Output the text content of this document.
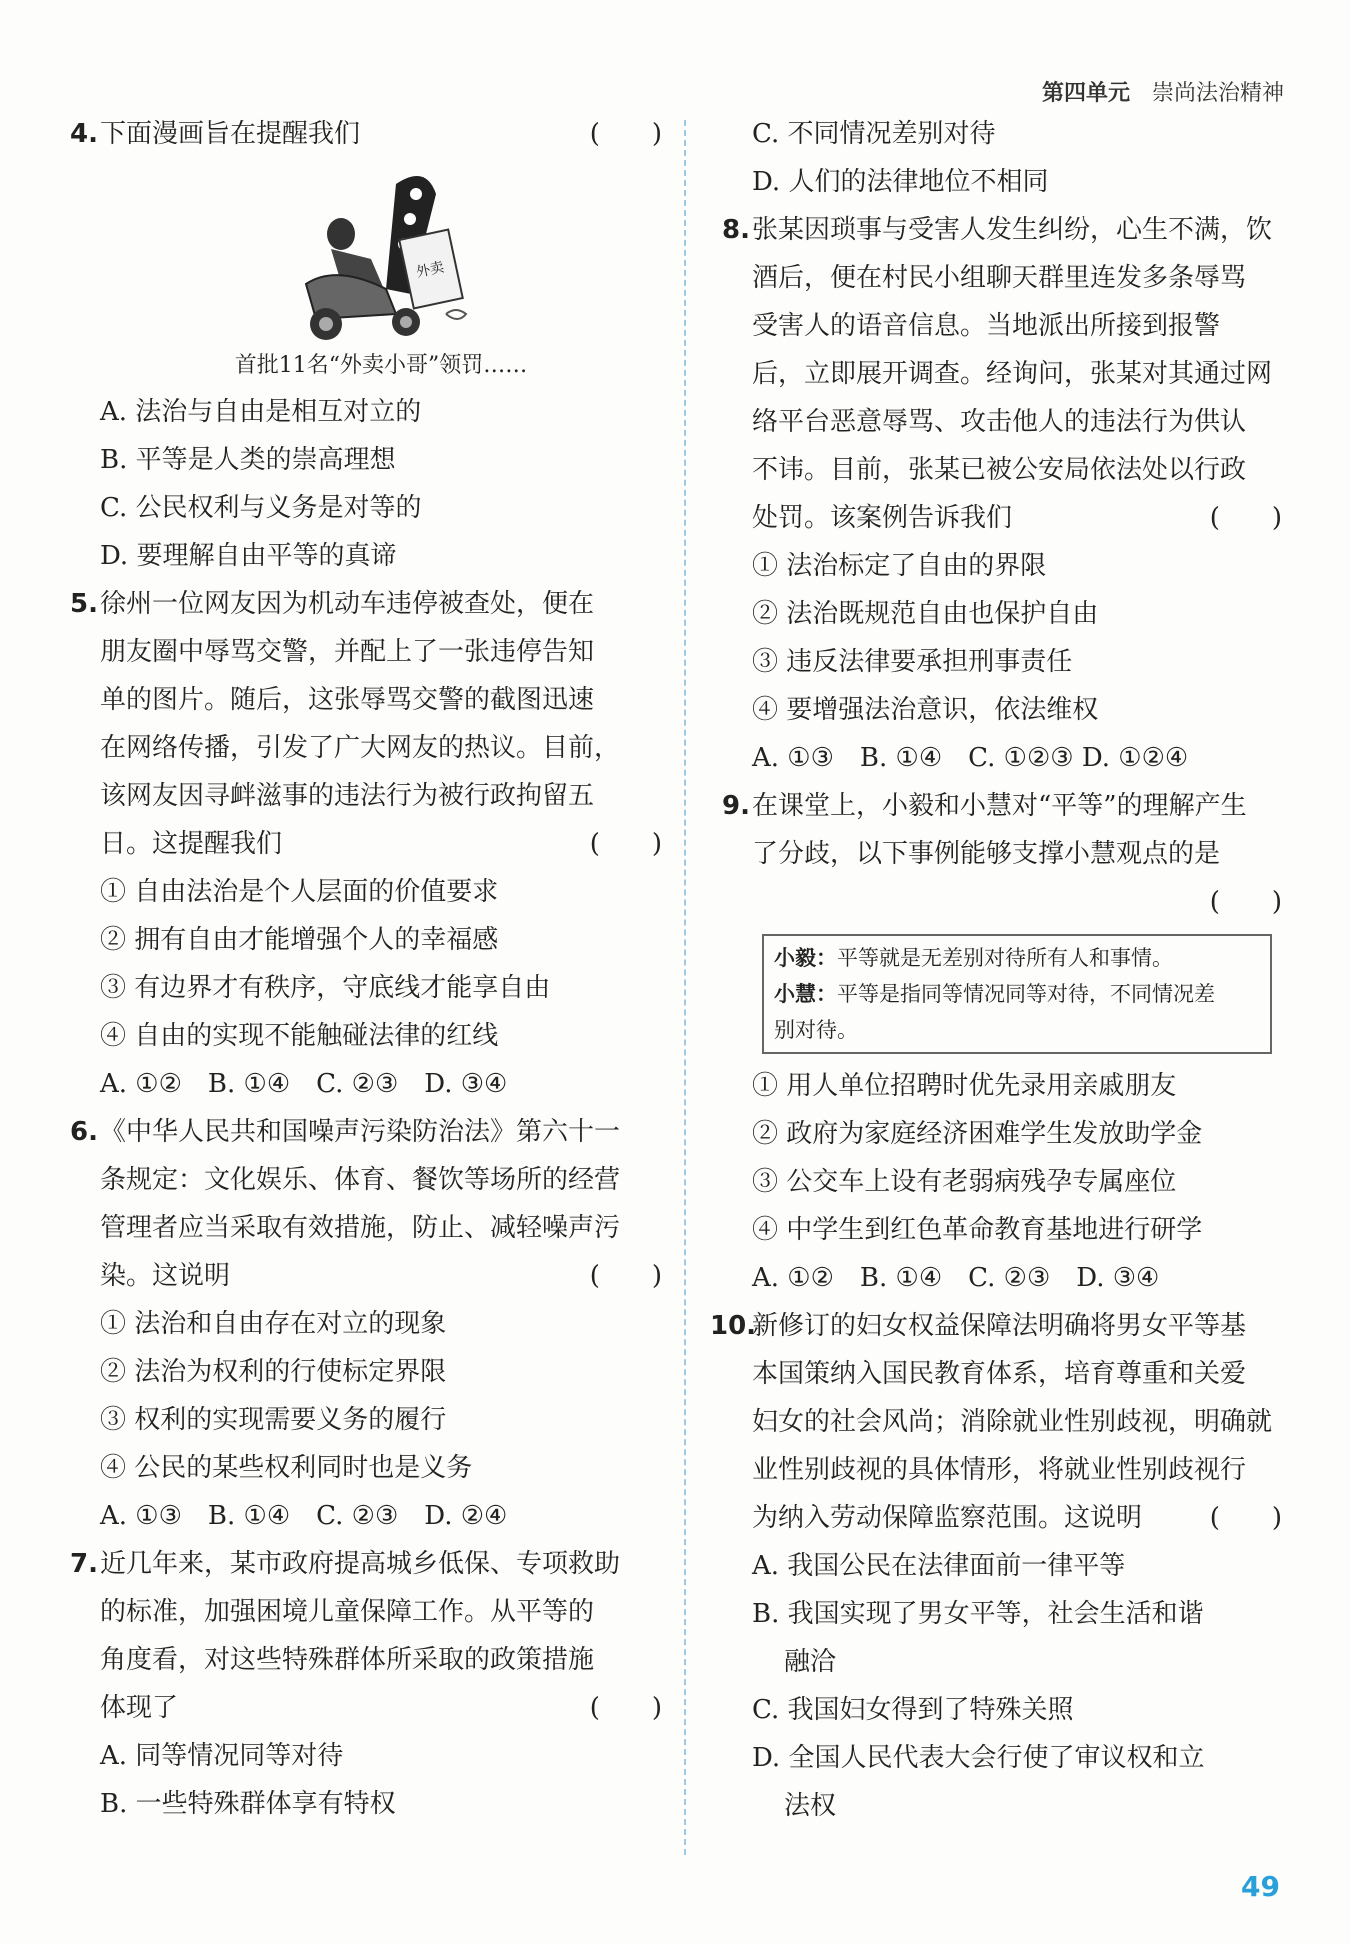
第四单元 崇尚法治精神
4. 下面漫画旨在提醒我们	(　　)
外卖
首批11名“外卖小哥”领罚……
A. 法治与自由是相互对立的
B. 平等是人类的崇高理想
C. 公民权利与义务是对等的
D. 要理解自由平等的真谛
5. 徐州一位网友因为机动车违停被查处，便在
朋友圈中辱骂交警，并配上了一张违停告知
单的图片。随后，这张辱骂交警的截图迅速
在网络传播，引发了广大网友的热议。目前，
该网友因寻衅滋事的违法行为被行政拘留五
日。这提醒我们	(　　)
① 自由法治是个人层面的价值要求
② 拥有自由才能增强个人的幸福感
③ 有边界才有秩序，守底线才能享自由
④ 自由的实现不能触碰法律的红线
A. ①②　B. ①④　C. ②③　D. ③④
6. 《中华人民共和国噪声污染防治法》第六十一
条规定：文化娱乐、体育、餐饮等场所的经营
管理者应当采取有效措施，防止、减轻噪声污
染。这说明	(　　)
① 法治和自由存在对立的现象
② 法治为权利的行使标定界限
③ 权利的实现需要义务的履行
④ 公民的某些权利同时也是义务
A. ①③　B. ①④　C. ②③　D. ②④
7. 近几年来，某市政府提高城乡低保、专项救助
的标准，加强困境儿童保障工作。从平等的
角度看，对这些特殊群体所采取的政策措施
体现了	(　　)
A. 同等情况同等对待
B. 一些特殊群体享有特权
C. 不同情况差别对待
D. 人们的法律地位不相同
8. 张某因琐事与受害人发生纠纷，心生不满，饮
酒后，便在村民小组聊天群里连发多条辱骂
受害人的语音信息。当地派出所接到报警
后，立即展开调查。经询问，张某对其通过网
络平台恶意辱骂、攻击他人的违法行为供认
不讳。目前，张某已被公安局依法处以行政
处罚。该案例告诉我们	(　　)
① 法治标定了自由的界限
② 法治既规范自由也保护自由
③ 违反法律要承担刑事责任
④ 要增强法治意识，依法维权
A. ①③　B. ①④　C. ①②③ D. ①②④
9. 在课堂上，小毅和小慧对“平等”的理解产生
了分歧，以下事例能够支撑小慧观点的是
(　　)
小毅：平等就是无差别对待所有人和事情。
小慧：平等是指同等情况同等对待，不同情况差
别对待。
① 用人单位招聘时优先录用亲戚朋友
② 政府为家庭经济困难学生发放助学金
③ 公交车上设有老弱病残孕专属座位
④ 中学生到红色革命教育基地进行研学
A. ①②　B. ①④　C. ②③　D. ③④
10.
新修订的妇女权益保障法明确将男女平等基
本国策纳入国民教育体系，培育尊重和关爱
妇女的社会风尚；消除就业性别歧视，明确就
业性别歧视的具体情形，将就业性别歧视行
为纳入劳动保障监察范围。这说明	(　　)
A. 我国公民在法律面前一律平等
B. 我国实现了男女平等，社会生活和谐
融洽
C. 我国妇女得到了特殊关照
D. 全国人民代表大会行使了审议权和立
法权
49
